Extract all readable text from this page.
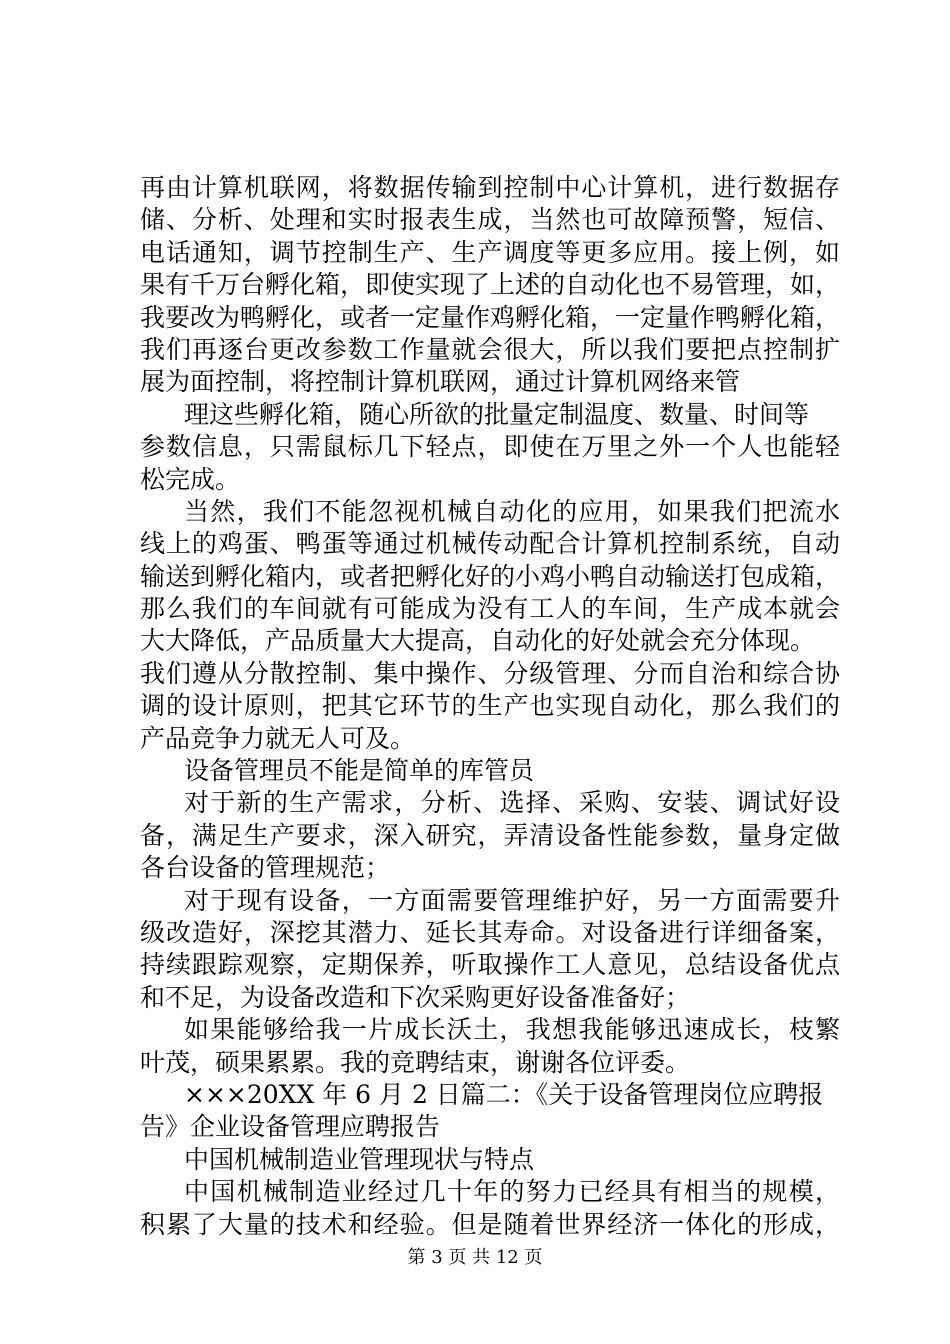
再由计算机联网，将数据传输到控制中心计算机，进行数据存
储、分析、处理和实时报表生成，当然也可故障预警，短信、
电话通知，调节控制生产、生产调度等更多应用。接上例，如
果有千万台孵化箱，即使实现了上述的自动化也不易管理，如，
我要改为鸭孵化，或者一定量作鸡孵化箱，一定量作鸭孵化箱，
我们再逐台更改参数工作量就会很大，所以我们要把点控制扩
展为面控制，将控制计算机联网，通过计算机网络来管
理这些孵化箱，随心所欲的批量定制温度、数量、时间等
参数信息，只需鼠标几下轻点，即使在万里之外一个人也能轻
松完成。
当然，我们不能忽视机械自动化的应用，如果我们把流水
线上的鸡蛋、鸭蛋等通过机械传动配合计算机控制系统，自动
输送到孵化箱内，或者把孵化好的小鸡小鸭自动输送打包成箱，
那么我们的车间就有可能成为没有工人的车间，生产成本就会
大大降低，产品质量大大提高，自动化的好处就会充分体现。
我们遵从分散控制、集中操作、分级管理、分而自治和综合协
调的设计原则，把其它环节的生产也实现自动化，那么我们的
产品竞争力就无人可及。
设备管理员不能是简单的库管员
对于新的生产需求，分析、选择、采购、安装、调试好设
备，满足生产要求，深入研究，弄清设备性能参数，量身定做
各台设备的管理规范；
对于现有设备，一方面需要管理维护好，另一方面需要升
级改造好，深挖其潜力、延长其寿命。对设备进行详细备案，
持续跟踪观察，定期保养，听取操作工人意见，总结设备优点
和不足，为设备改造和下次采购更好设备准备好；
如果能够给我一片成长沃土，我想我能够迅速成长，枝繁
叶茂，硕果累累。我的竞聘结束，谢谢各位评委。
×××20XX 年 6 月 2 日篇二：《关于设备管理岗位应聘报
告》企业设备管理应聘报告
中国机械制造业管理现状与特点
中国机械制造业经过几十年的努力已经具有相当的规模，
积累了大量的技术和经验。但是随着世界经济一体化的形成，
第 3 页 共 12 页
